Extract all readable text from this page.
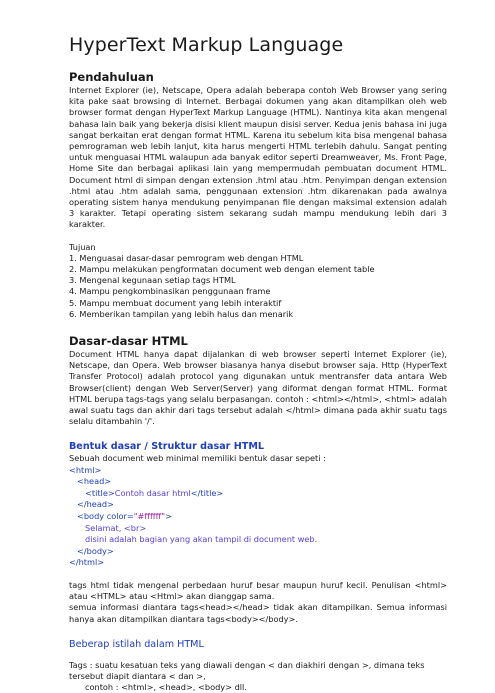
HyperText Markup Language
Pendahuluan

Internet Explorer (ie), Netscape, Opera adalah beberapa contoh Web Browser yang sering kita pake saat browsing di Internet. Berbagai dokumen yang akan ditampilkan oleh web browser format dengan HyperText Markup Language (HTML). Nantinya kita akan mengenal bahasa lain baik yang bekerja disisi klient maupun disisi server. Kedua jenis bahasa ini juga sangat berkaitan erat dengan format HTML. Karena itu sebelum kita bisa mengenal bahasa pemrograman web lebih lanjut, kita harus mengerti HTML terlebih dahulu. Sangat penting untuk menguasai HTML walaupun ada banyak editor seperti Dreamweaver, Ms. Front Page, Home Site dan berbagai aplikasi lain yang mempermudah pembuatan document HTML. Document html di simpan dengan extension .html atau .htm. Penyimpan dengan extension .html atau .htm adalah sama, penggunaan extension .htm dikarenakan pada awalnya operating sistem hanya mendukung penyimpanan file dengan maksimal extension adalah 3 karakter. Tetapi operating sistem sekarang sudah mampu mendukung lebih dari 3 karakter.

Tujuan

1. Menguasai dasar-dasar pemrogram web dengan HTML
2. Mampu melakukan pengformatan document web dengan element table
3. Mengenal kegunaan setiap tags HTML
4. Mampu pengkombinasikan penggunaan frame
5. Mampu membuat document yang lebih interaktif
6. Memberikan tampilan yang lebih halus dan menarik
Dasar-dasar HTML

Document HTML hanya dapat dijalankan di web browser seperti Internet Explorer (ie), Netscape, dan Opera. Web browser biasanya hanya disebut browser saja. Http (HyperText Transfer Protocol) adalah protocol yang digunakan untuk mentransfer data antara Web Browser(client) dengan Web Server(Server) yang diformat dengan format HTML. Format HTML berupa tags-tags yang selalu berpasangan. contoh : <html></html>, <html> adalah awal suatu tags dan akhir dari tags tersebut adalah </html> dimana pada akhir suatu tags selalu ditambahin '/'.

Bentuk dasar / Struktur dasar HTML

Sebuah document web minimal memiliki bentuk dasar sepeti :

<html>
<head>
<title>Contoh dasar html</title>
</head>
<body color="#ffffff">
Selamat, <br>
disini adalah bagian yang akan tampil di document web.
</body>
</html>

tags html tidak mengenal perbedaan huruf besar maupun huruf kecil. Penulisan <html> atau <HTML> atau <Html> akan dianggap sama.

semua informasi diantara tags<head></head> tidak akan ditampilkan. Semua informasi hanya akan ditampilkan diantara tags<body></body>.

Beberap istilah dalam HTML

Tags : suatu kesatuan teks yang diawali dengan < dan diakhiri dengan >, dimana teks tersebut diapit diantara < dan >,

contoh : <html>, <head>, <body> dll.
